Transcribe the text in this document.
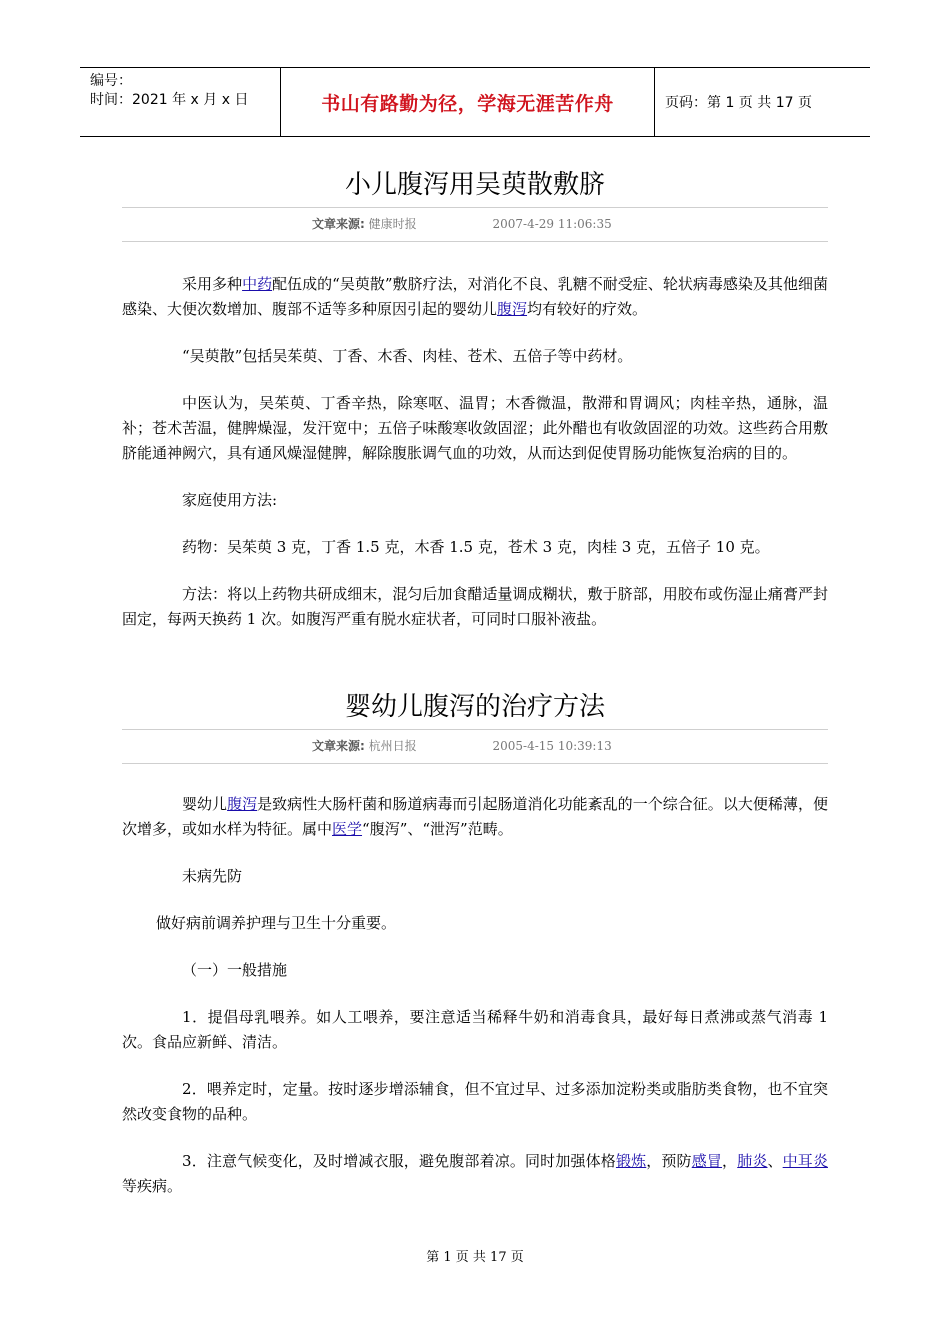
编号：
时间：2021 年 x 月 x 日	书山有路勤为径，学海无涯苦作舟	页码：第 1 页 共 17 页
小儿腹泻用吴萸散敷脐
文章来源: 健康时报	2007-4-29 11:06:35

采用多种中药配伍成的“吴萸散”敷脐疗法，对消化不良、乳糖不耐受症、轮状病毒感染及其他细菌感染、大便次数增加、腹部不适等多种原因引起的婴幼儿腹泻均有较好的疗效。

“吴萸散”包括吴茱萸、丁香、木香、肉桂、苍术、五倍子等中药材。

中医认为，吴茱萸、丁香辛热，除寒呕、温胃；木香微温，散滞和胃调风；肉桂辛热，通脉，温补；苍术苦温，健脾燥湿，发汗宽中；五倍子味酸寒收敛固涩；此外醋也有收敛固涩的功效。这些药合用敷脐能通神阙穴，具有通风燥湿健脾，解除腹胀调气血的功效，从而达到促使胃肠功能恢复治病的目的。

家庭使用方法:

药物：吴茱萸 3 克，丁香 1.5 克，木香 1.5 克，苍术 3 克，肉桂 3 克，五倍子 10 克。

方法：将以上药物共研成细末，混匀后加食醋适量调成糊状，敷于脐部，用胶布或伤湿止痛膏严封固定，每两天换药 1 次。如腹泻严重有脱水症状者，可同时口服补液盐。

婴幼儿腹泻的治疗方法
文章来源: 杭州日报	2005-4-15 10:39:13

婴幼儿腹泻是致病性大肠杆菌和肠道病毒而引起肠道消化功能紊乱的一个综合征。以大便稀薄，便次增多，或如水样为特征。属中医学“腹泻”、“泄泻”范畴。

未病先防

做好病前调养护理与卫生十分重要。

（一）一般措施

1．提倡母乳喂养。如人工喂养，要注意适当稀释牛奶和消毒食具，最好每日煮沸或蒸气消毒 1 次。食品应新鲜、清洁。

2．喂养定时，定量。按时逐步增添辅食，但不宜过早、过多添加淀粉类或脂肪类食物，也不宜突然改变食物的品种。

3．注意气候变化，及时增减衣服，避免腹部着凉。同时加强体格锻炼，预防感冒，肺炎、中耳炎等疾病。

第 1 页 共 17 页
